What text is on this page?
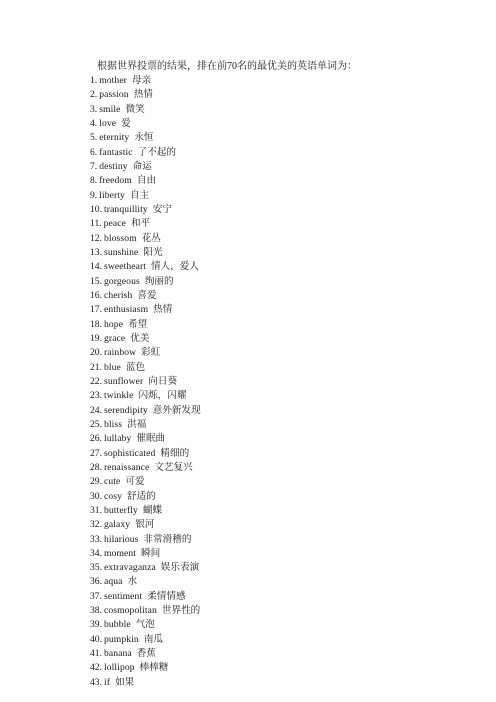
根据世界投票的结果，排在前70名的最优美的英语单词为：
1. mother 母亲
2. passion 热情
3. smile 微笑
4. love 爱
5. eternity 永恒
6. fantastic 了不起的
7. destiny 命运
8. freedom 自由
9. liberty 自主
10. tranquillity 安宁
11. peace 和平
12. blossom 花丛
13. sunshine 阳光
14. sweetheart 情人，爱人
15. gorgeous 绚丽的
16. cherish 喜爱
17. enthusiasm 热情
18. hope 希望
19. grace 优美
20. rainbow 彩虹
21. blue 蓝色
22. sunflower 向日葵
23. twinkle 闪烁，闪耀
24. serendipity 意外新发现
25. bliss 洪福
26. lullaby 催眠曲
27. sophisticated 精细的
28. renaissance 文艺复兴
29. cute 可爱
30. cosy 舒适的
31. butterfly 蝴蝶
32. galaxy 银河
33. hilarious 非常滑稽的
34. moment 瞬间
35. extravaganza 娱乐表演
36. aqua 水
37. sentiment 柔情情感
38. cosmopolitan 世界性的
39. bubble 气泡
40. pumpkin 南瓜
41. banana 香蕉
42. lollipop 棒棒糖
43. if 如果
